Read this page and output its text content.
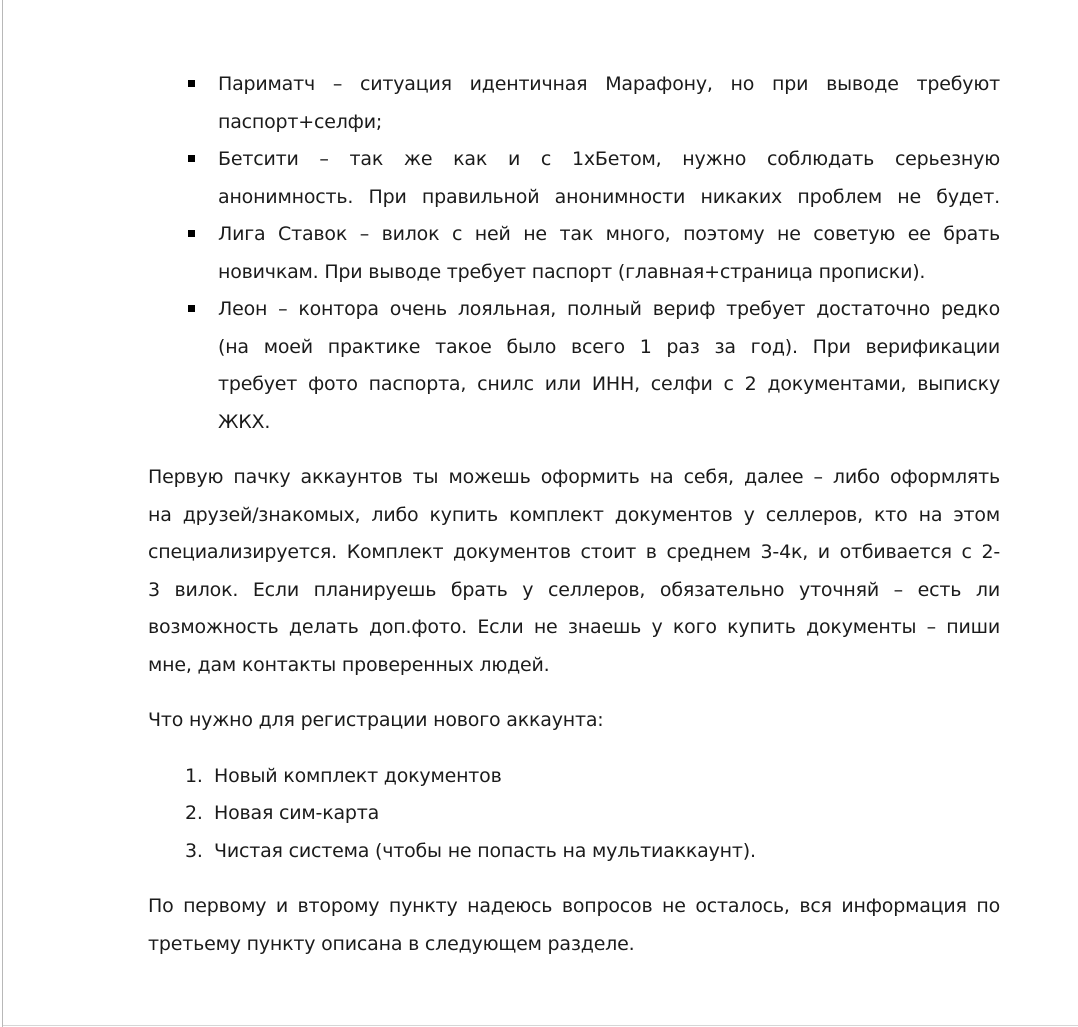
Париматч – ситуация идентичная Марафону, но при выводе требуют
паспорт+селфи;
Бетсити – так же как и с 1хБетом, нужно соблюдать серьезную
анонимность. При правильной анонимности никаких проблем не будет.
Лига Ставок – вилок с ней не так много, поэтому не советую ее брать
новичкам. При выводе требует паспорт (главная+страница прописки).
Леон – контора очень лояльная, полный вериф требует достаточно редко
(на моей практике такое было всего 1 раз за год). При верификации
требует фото паспорта, снилс или ИНН, селфи с 2 документами, выписку
ЖКХ.
Первую пачку аккаунтов ты можешь оформить на себя, далее – либо оформлять
на друзей/знакомых, либо купить комплект документов у селлеров, кто на этом
специализируется. Комплект документов стоит в среднем 3-4к, и отбивается с 2-
3 вилок. Если планируешь брать у селлеров, обязательно уточняй – есть ли
возможность делать доп.фото. Если не знаешь у кого купить документы – пиши
мне, дам контакты проверенных людей.
Что нужно для регистрации нового аккаунта:
1. Новый комплект документов
2. Новая сим-карта
3. Чистая система (чтобы не попасть на мультиаккаунт).
По первому и второму пункту надеюсь вопросов не осталось, вся информация по
третьему пункту описана в следующем разделе.
